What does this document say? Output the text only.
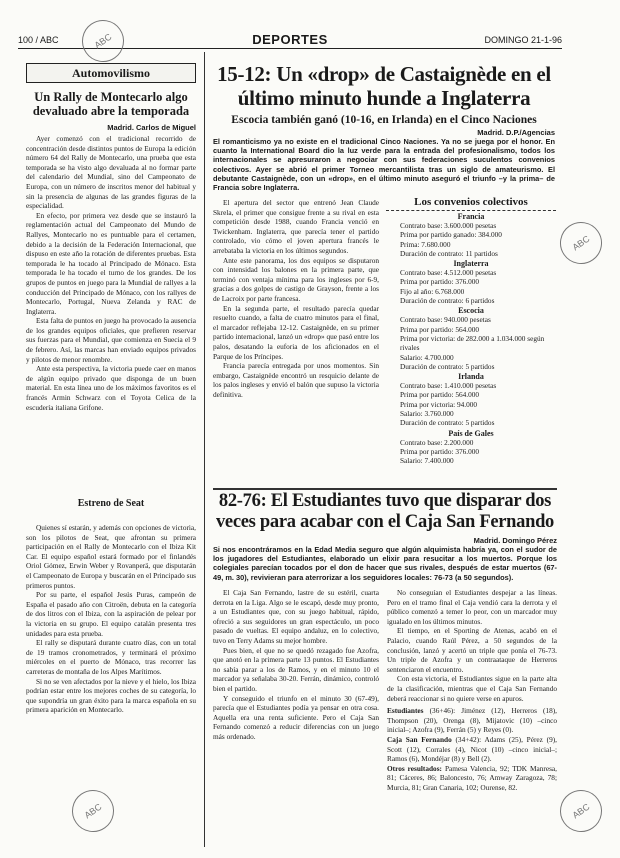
100 / ABC	DEPORTES	DOMINGO 21-1-96
ABC
ABC
ABC
ABC
Automovilismo
Un Rally de Montecarlo algo devaluado abre la temporada
Madrid. Carlos de Miguel

Ayer comenzó con el tradicional recorrido de concentración desde distintos puntos de Europa la edición número 64 del Rally de Montecarlo, una prueba que esta temporada se ha visto algo devaluada al no formar parte del calendario del Mundial, sino del Campeonato de Europa, con un número de inscritos menor del habitual y sin la presencia de algunas de las grandes figuras de la especialidad.

En efecto, por primera vez desde que se instauró la reglamentación actual del Campeonato del Mundo de Rallyes, Montecarlo no es puntuable para el certamen, debido a la decisión de la Federación Internacional, que dispuso en este año la rotación de diferentes pruebas. Esta temporada le ha tocado al Principado de Mónaco. Esta temporada le ha tocado el turno de los grandes. De los grupos de puntos en juego para la Mundial de rallyes a la conducción del Principado de Mónaco, con los rallyes de Montecarlo, Portugal, Nueva Zelanda y RAC de Inglaterra.

Esta falta de puntos en juego ha provocado la ausencia de los grandes equipos oficiales, que prefieren reservar sus fuerzas para el Mundial, que comienza en Suecia el 9 de febrero. Así, las marcas han enviado equipos privados y pilotos de menor renombre.

Ante esta perspectiva, la victoria puede caer en manos de algún equipo privado que disponga de un buen material. En esta línea uno de los máximos favoritos es el francés Armin Schwarz con el Toyota Celica de la escudería italiana Grifone.

Estreno de Seat

Quienes sí estarán, y además con opciones de victoria, son los pilotos de Seat, que afrontan su primera participación en el Rally de Montecarlo con el Ibiza Kit Car. El equipo español estará formado por el finlandés Oriol Gómez, Erwin Weber y Rovanperä, que disputarán el Campeonato de Europa y buscarán en el Principado sus primeros puntos.

Por su parte, el español Jesús Puras, campeón de España el pasado año con Citroën, debuta en la categoría de dos litros con el Ibiza, con la aspiración de pelear por la victoria en su grupo. El equipo catalán presenta tres unidades para esta prueba.

El rally se disputará durante cuatro días, con un total de 19 tramos cronometrados, y terminará el próximo miércoles en el puerto de Mónaco, tras recorrer las carreteras de montaña de los Alpes Marítimos.

Si no se ven afectados por la nieve y el hielo, los Ibiza podrían estar entre los mejores coches de su categoría, lo que supondría un gran éxito para la marca española en su primera aparición en Montecarlo.

15-12: Un «drop» de Castaignède en el último minuto hunde a Inglaterra
Escocia también ganó (10-16, en Irlanda) en el Cinco Naciones
Madrid. D.P./Agencias
El romanticismo ya no existe en el tradicional Cinco Naciones. Ya no se juega por el honor. En cuanto la International Board dio la luz verde para la entrada del profesionalismo, todos los internacionales se apresuraron a negociar con sus federaciones suculentos convenios colectivos. Ayer se abrió el primer Torneo mercantilista tras un siglo de amateurismo. El debutante Castaignède, con un «drop», en el último minuto aseguró el triunfo –y la prima– de Francia sobre Inglaterra.

El apertura del sector que entrenó Jean Claude Skrela, el primer que consigue frente a su rival en esta competición desde 1988, cuando Francia venció en Twickenham. Inglaterra, que parecía tener el partido controlado, vio cómo el joven apertura francés le arrebataba la victoria en los últimos segundos.

Ante este panorama, los dos equipos se disputaron con intensidad los balones en la primera parte, que terminó con ventaja mínima para los ingleses por 6-9, gracias a dos golpes de castigo de Grayson, frente a los de Lacroix por parte francesa.

En la segunda parte, el resultado parecía quedar resuelto cuando, a falta de cuatro minutos para el final, el marcador reflejaba 12-12. Castaignède, en su primer partido internacional, lanzó un «drop» que pasó entre los palos, desatando la euforia de los aficionados en el Parque de los Príncipes.

Francia parecía entregada por unos momentos. Sin embargo, Castaignède encontró un resquicio delante de los palos ingleses y envió el balón que supuso la victoria definitiva.

Los convenios colectivos
Francia
Contrato base: 3.600.000 pesetas
Prima por partido ganado: 384.000
Prima: 7.680.000
Duración de contrato: 11 partidos
Inglaterra
Contrato base: 4.512.000 pesetas
Prima por partido: 376.000
Fijo al año: 6.768.000
Duración de contrato: 6 partidos
Escocia
Contrato base: 940.000 pesetas
Prima por partido: 564.000
Prima por victoria: de 282.000 a 1.034.000 según rivales
Salario: 4.700.000
Duración de contrato: 5 partidos
Irlanda
Contrato base: 1.410.000 pesetas
Prima por partido: 564.000
Prima por victoria: 94.000
Salario: 3.760.000
Duración de contrato: 5 partidos
País de Gales
Contrato base: 2.200.000
Prima por partido: 376.000
Salario: 7.400.000
82-76: El Estudiantes tuvo que disparar dos veces para acabar con el Caja San Fernando
Madrid. Domingo Pérez
Si nos encontráramos en la Edad Media seguro que algún alquimista habría ya, con el sudor de los jugadores del Estudiantes, elaborado un elixir para resucitar a los muertos. Porque los colegiales parecían tocados por el don de hacer que sus rivales, después de estar muertos (67-49, m. 30), revivieran para aterrorizar a los seguidores locales: 76-73 (a 50 segundos).

El Caja San Fernando, lastre de su estéril, cuarta derrota en la Liga. Algo se le escapó, desde muy pronto, a un Estudiantes que, con su juego habitual, rápido, ofreció a sus seguidores un gran espectáculo, un poco pasado de vueltas. El equipo andaluz, en lo colectivo, tuvo en Terry Adams su mejor hombre.

Pues bien, el que no se quedó rezagado fue Azofra, que anotó en la primera parte 13 puntos. El Estudiantes no sabía parar a los de Ramos, y en el minuto 10 el marcador ya señalaba 30-20. Ferrán, dinámico, controló bien el partido.

Y conseguido el triunfo en el minuto 30 (67-49), parecía que el Estudiantes podía ya pensar en otra cosa. Aquella era una renta suficiente. Pero el Caja San Fernando comenzó a reducir diferencias con un juego más ordenado.

No conseguían el Estudiantes despejar a las líneas. Pero en el tramo final el Caja vendió cara la derrota y el público comenzó a temer lo peor, con un marcador muy igualado en los últimos minutos.

El tiempo, en el Sporting de Atenas, acabó en el Palacio, cuando Raúl Pérez, a 50 segundos de la conclusión, lanzó y acertó un triple que ponía el 76-73. Un triple de Azofra y un contraataque de Herreros sentenciaron el encuentro.

Con esta victoria, el Estudiantes sigue en la parte alta de la clasificación, mientras que el Caja San Fernando deberá reaccionar si no quiere verse en apuros.

Estudiantes (36+46): Jiménez (12), Herreros (18), Thompson (20), Orenga (8), Mijatovic (10) –cinco inicial–; Azofra (9), Ferrán (5) y Reyes (0).

Caja San Fernando (34+42): Adams (25), Pérez (9), Scott (12), Corrales (4), Nicot (10) –cinco inicial–; Ramos (6), Mondéjar (8) y Bell (2).

Otros resultados: Pamesa Valencia, 92; TDK Manresa, 81; Cáceres, 86; Baloncesto, 76; Amway Zaragoza, 78; Murcia, 81; Gran Canaria, 102; Ourense, 82.
